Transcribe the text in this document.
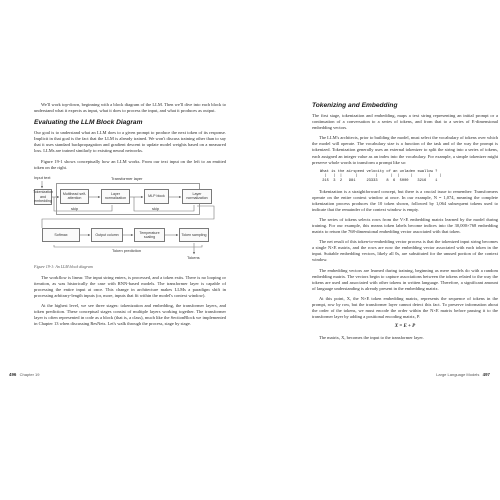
We'll work top-down, beginning with a block diagram of the LLM. Then we'll dive into each block to understand what it expects as input, what it does to process the input, and what it produces as output.

Evaluating the LLM Block Diagram

Our goal is to understand what an LLM does to a given prompt to produce the next token of its response. Implicit in that goal is the fact that the LLM is already trained. We won't discuss training other than to say that it uses standard backpropagation and gradient descent to update model weights based on a measured loss. LLMs are trained similarly to existing neural networks.

Figure 19-1 shows conceptually how an LLM works. From our text input on the left to an emitted token on the right.

Input text	Transformer layer
Tokenization and embedding
Multihead self-attention
Layer normalization
MLP block
Layer normalization
skip	skip
Softmax	Output column
Temperature scaling
Token sampling
Token prediction
Tokens
Figure 19-1: An LLM block diagram

The workflow is linear. The input string enters, is processed, and a token exits. There is no looping or iteration, as was historically the case with RNN-based models. The transformer layer is capable of processing the entire input at once. This change in architecture makes LLMs a paradigm shift in processing arbitrary-length inputs (or, more, inputs that fit within the model's context window).

At the highest level, we see three stages: tokenization and embedding, the transformer layers, and token prediction. These conceptual stages consist of multiple layers working together. The transformer layer is often represented in code as a block (that is, a class), much like the SectionBlock we implemented in Chapter 13 when discussing ResNets. Let's walk through the process, stage by stage.

496 Chapter 19
Tokenizing and Embedding

The first stage, tokenization and embedding, maps a text string representing an initial prompt or a continuation of a conversation to a series of tokens, and from that to a series of E-dimensional embedding vectors.

The LLM's architects, prior to building the model, must select the vocabulary of tokens over which the model will operate. The vocabulary size is a function of the task and of the way the prompt is tokenized. Tokenization generally uses an external tokenizer to split the string into a series of tokens, each assigned an integer value as an index into the vocabulary. For example, a simple tokenizer might preserve whole words to transform a prompt like so:

What is the airspeed velocity of an unladen swallow ?
|   |  |      |        |      |  |     |       |    |
215  3  2   981     23333    8  6  5000    3216    1

Tokenization is a straightforward concept, but there is a crucial issue to remember: Transformers operate on the entire context window at once. In our example, N = 1,074, meaning the complete tokenization process produces the 10 token shown, followed by 1,064 subsequent tokens used to indicate that the remainder of the context window is empty.

The series of tokens selects rows from the V×E embedding matrix learned by the model during training. For our example, this means token labels become indices into the 30,000×768 embedding matrix to return the 768-dimensional embedding vector associated with that token.

The net result of this token-to-embedding vector process is that the tokenized input string becomes a single N×E matrix, and the rows are now the embedding vector associated with each token in the input. Suitable embedding vectors, likely all 0s, are substituted for the unused portion of the context window.

The embedding vectors are learned during training, beginning as mere models do with a random embedding matrix. The vectors begin to capture associations between the tokens related to the way the tokens are used and associated with other tokens in written language. Therefore, a significant amount of language understanding is already present in the embedding matrix.

At this point, X, the N×E token embedding matrix, represents the sequence of tokens in the prompt, row by row, but the transformer layer cannot detect this fact. To preserve information about the order of the tokens, we must encode the order within the N×E matrix before passing it to the transformer layer by adding a positional encoding matrix, P.

X = E + P

The matrix, X, becomes the input to the transformer layer.

Large Language Models 497
